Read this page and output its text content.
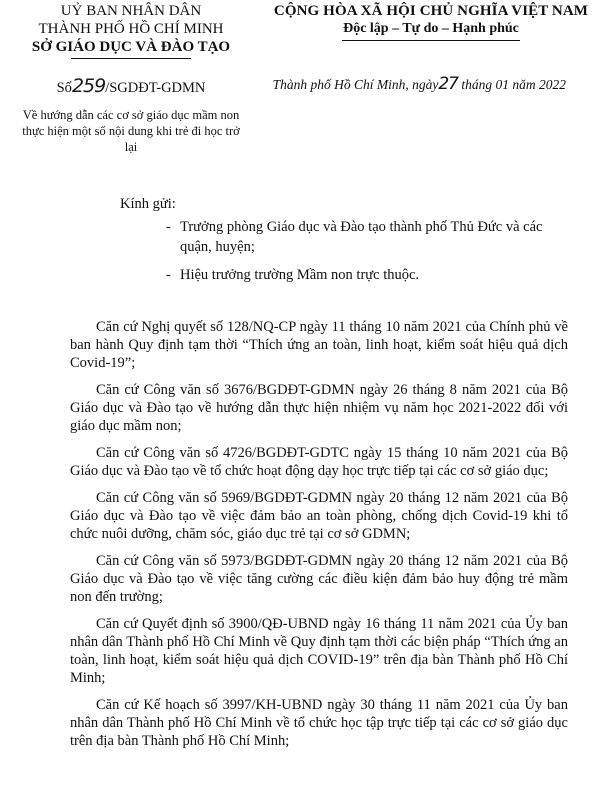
UỶ BAN NHÂN DÂN
THÀNH PHỐ HỒ CHÍ MINH
SỞ GIÁO DỤC VÀ ĐÀO TẠO
Số259/SGDĐT-GDMN
Về hướng dẫn các cơ sở giáo dục mầm non thực hiện một số nội dung khi trẻ đi học trở lại
CỘNG HÒA XÃ HỘI CHỦ NGHĨA VIỆT NAM
Độc lập – Tự do – Hạnh phúc
Thành phố Hồ Chí Minh, ngày27 tháng 01 năm 2022
Kính gửi:
- Trưởng phòng Giáo dục và Đào tạo thành phố Thủ Đức và các quận, huyện;
- Hiệu trưởng trường Mầm non trực thuộc.

Căn cứ Nghị quyết số 128/NQ-CP ngày 11 tháng 10 năm 2021 của Chính phủ về ban hành Quy định tạm thời “Thích ứng an toàn, linh hoạt, kiểm soát hiệu quả dịch Covid-19”;

Căn cứ Công văn số 3676/BGDĐT-GDMN ngày 26 tháng 8 năm 2021 của Bộ Giáo dục và Đào tạo về hướng dẫn thực hiện nhiệm vụ năm học 2021-2022 đối với giáo dục mầm non;

Căn cứ Công văn số 4726/BGDĐT-GDTC ngày 15 tháng 10 năm 2021 của Bộ Giáo dục và Đào tạo về tổ chức hoạt động dạy học trực tiếp tại các cơ sở giáo dục;

Căn cứ Công văn số 5969/BGDĐT-GDMN ngày 20 tháng 12 năm 2021 của Bộ Giáo dục và Đào tạo về việc đảm bảo an toàn phòng, chống dịch Covid-19 khi tổ chức nuôi dưỡng, chăm sóc, giáo dục trẻ tại cơ sở GDMN;

Căn cứ Công văn số 5973/BGDĐT-GDMN ngày 20 tháng 12 năm 2021 của Bộ Giáo dục và Đào tạo về việc tăng cường các điều kiện đảm bảo huy động trẻ mầm non đến trường;

Căn cứ Quyết định số 3900/QĐ-UBND ngày 16 tháng 11 năm 2021 của Ủy ban nhân dân Thành phố Hồ Chí Minh về Quy định tạm thời các biện pháp “Thích ứng an toàn, linh hoạt, kiểm soát hiệu quả dịch COVID-19” trên địa bàn Thành phố Hồ Chí Minh;

Căn cứ Kế hoạch số 3997/KH-UBND ngày 30 tháng 11 năm 2021 của Ủy ban nhân dân Thành phố Hồ Chí Minh về tổ chức học tập trực tiếp tại các cơ sở giáo dục trên địa bàn Thành phố Hồ Chí Minh;
